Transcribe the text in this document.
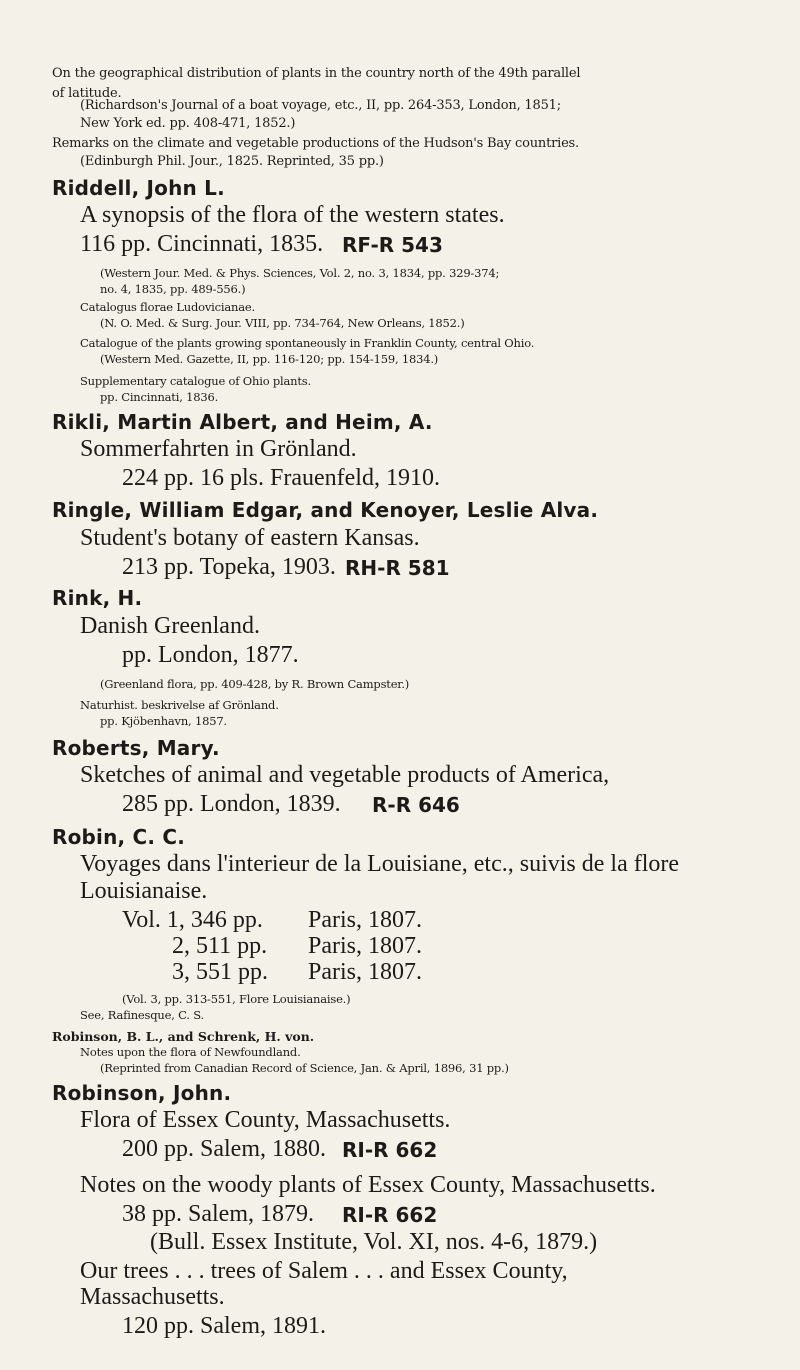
On the geographical distribution of plants in the country north of the 49th parallel
of latitude.
(Richardson's Journal of a boat voyage, etc., II, pp. 264-353, London, 1851;
New York ed. pp. 408-471, 1852.)
Remarks on the climate and vegetable productions of the Hudson's Bay countries.
(Edinburgh Phil. Jour., 1825. Reprinted, 35 pp.)
Riddell, John L.
A synopsis of the flora of the western states.
116 pp. Cincinnati, 1835. RF-R 543
(Western Jour. Med. & Phys. Sciences, Vol. 2, no. 3, 1834, pp. 329-374;
no. 4, 1835, pp. 489-556.)
Catalogus florae Ludovicianae.
(N. O. Med. & Surg. Jour. VIII, pp. 734-764, New Orleans, 1852.)
Catalogue of the plants growing spontaneously in Franklin County, central Ohio.
(Western Med. Gazette, II, pp. 116-120; pp. 154-159, 1834.)
Supplementary catalogue of Ohio plants.
pp. Cincinnati, 1836.
Rikli, Martin Albert, and Heim, A.
Sommerfahrten in Grönland.
224 pp. 16 pls. Frauenfeld, 1910.
Ringle, William Edgar, and Kenoyer, Leslie Alva.
Student's botany of eastern Kansas.
213 pp. Topeka, 1903. RH-R 581
Rink, H.
Danish Greenland.
pp. London, 1877.
(Greenland flora, pp. 409-428, by R. Brown Campster.)
Naturhist. beskrivelse af Grönland.
pp. Kjöbenhavn, 1857.
Roberts, Mary.
Sketches of animal and vegetable products of America,
285 pp. London, 1839. R-R 646
Robin, C. C.
Voyages dans l'interieur de la Louisiane, etc., suivis de la flore
Louisianaise.
Vol. 1, 346 pp. Paris, 1807.
2, 511 pp. Paris, 1807.
3, 551 pp. Paris, 1807.
(Vol. 3, pp. 313-551, Flore Louisianaise.)
See, Rafinesque, C. S.
Robinson, B. L., and Schrenk, H. von.
Notes upon the flora of Newfoundland.
(Reprinted from Canadian Record of Science, Jan. & April, 1896, 31 pp.)
Robinson, John.
Flora of Essex County, Massachusetts.
200 pp. Salem, 1880. RI-R 662
Notes on the woody plants of Essex County, Massachusetts.
38 pp. Salem, 1879. RI-R 662
(Bull. Essex Institute, Vol. XI, nos. 4-6, 1879.)
Our trees . . . trees of Salem . . . and Essex County,
Massachusetts.
120 pp. Salem, 1891.
